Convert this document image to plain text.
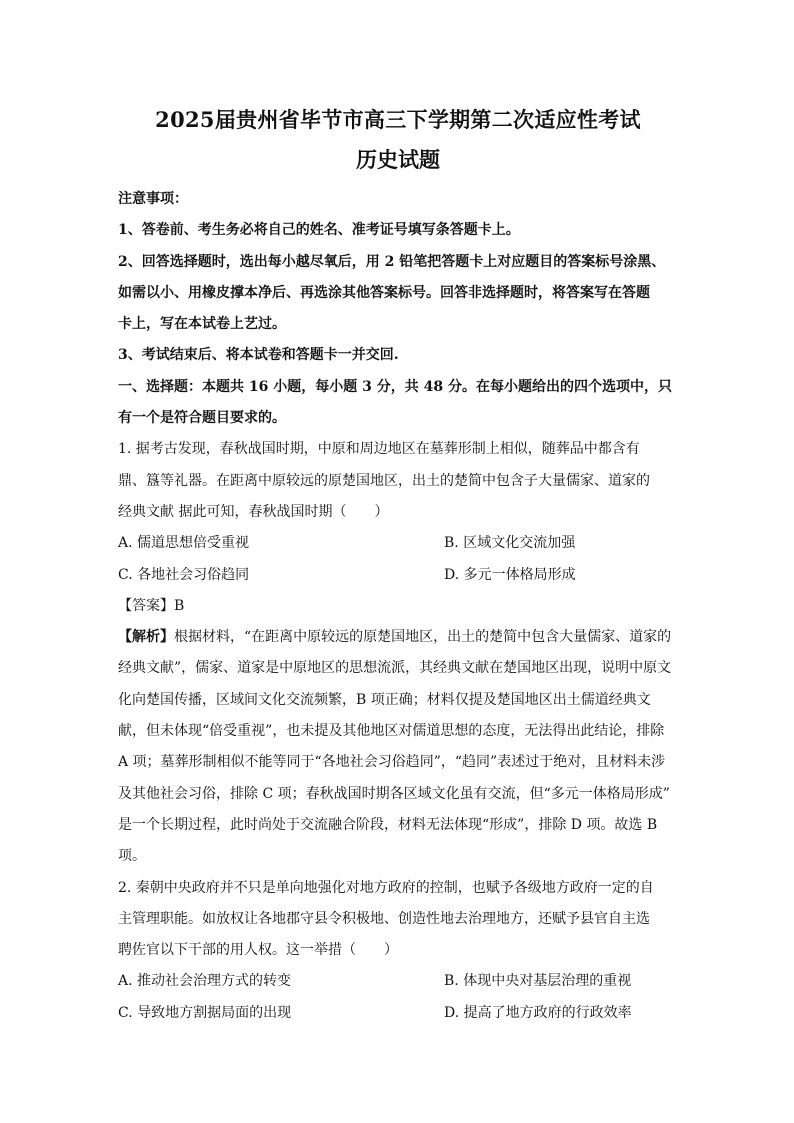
2025届贵州省毕节市高三下学期第二次适应性考试
历史试题
注意事项：
1、答卷前、考生务必将自己的姓名、准考证号填写条答题卡上。
2、回答选择题时，选出每小越尽氧后，用 2 铅笔把答题卡上对应题目的答案标号涂黑、
如需以小、用橡皮撑本净后、再选涂其他答案标号。回答非选择题时，将答案写在答题
卡上，写在本试卷上艺过。
3、考试结束后、将本试卷和答题卡一并交回.
一、选择题：本题共 16 小题，每小题 3 分，共 48 分。在每小题给出的四个选项中，只
有一个是符合题目要求的。
1. 据考古发现，春秋战国时期，中原和周边地区在墓葬形制上相似，随葬品中都含有
鼎、簋等礼器。在距离中原较远的原楚国地区，出土的楚简中包含子大量儒家、道家的
经典文献 据此可知，春秋战国时期（　　）
A. 儒道思想倍受重视	B. 区域文化交流加强
C. 各地社会习俗趋同	D. 多元一体格局形成
【答案】B
【解析】根据材料，“在距离中原较远的原楚国地区，出土的楚简中包含大量儒家、道家的
经典文献”，儒家、道家是中原地区的思想流派，其经典文献在楚国地区出现，说明中原文
化向楚国传播，区域间文化交流频繁，B 项正确；材料仅提及楚国地区出土儒道经典文
献，但未体现“倍受重视”，也未提及其他地区对儒道思想的态度，无法得出此结论，排除
A 项；墓葬形制相似不能等同于“各地社会习俗趋同”，“趋同”表述过于绝对，且材料未涉
及其他社会习俗，排除 C 项；春秋战国时期各区域文化虽有交流，但“多元一体格局形成”
是一个长期过程，此时尚处于交流融合阶段，材料无法体现“形成”，排除 D 项。故选 B
项。
2. 秦朝中央政府并不只是单向地强化对地方政府的控制，也赋予各级地方政府一定的自
主管理职能。如放权让各地郡守县令积极地、创造性地去治理地方，还赋予县官自主选
聘佐官以下干部的用人权。这一举措（　　）
A. 推动社会治理方式的转变	B. 体现中央对基层治理的重视
C. 导致地方割据局面的出现	D. 提高了地方政府的行政效率
